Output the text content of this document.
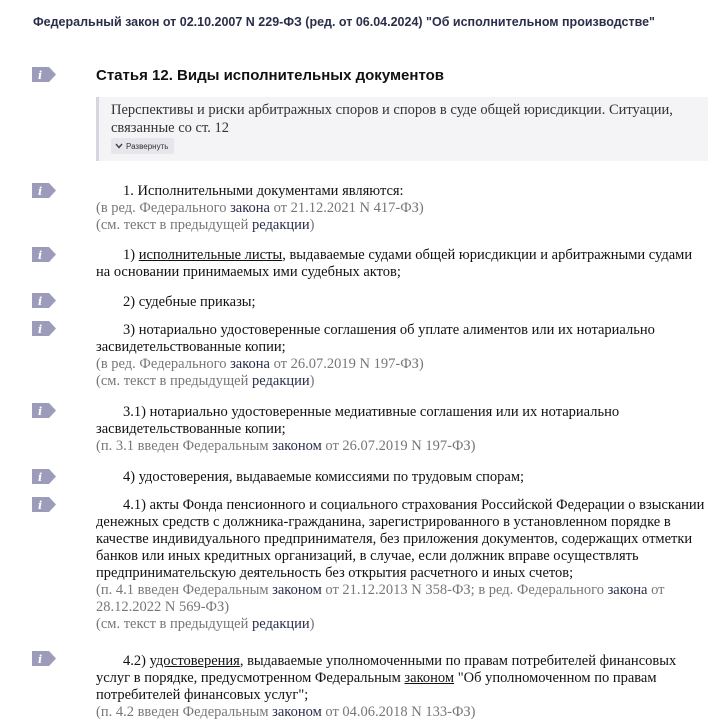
Федеральный закон от 02.10.2007 N 229-ФЗ (ред. от 06.04.2024) "Об исполнительном производстве"
i
i
i
i
i
i
i
i
i
Статья 12. Виды исполнительных документов
Перспективы и риски арбитражных споров и споров в суде общей юрисдикции. Ситуации, связанные со ст. 12
Развернуть
1. Исполнительными документами являются:
(в ред. Федерального закона от 21.12.2021 N 417-ФЗ)
(см. текст в предыдущей редакции)
1) исполнительные листы, выдаваемые судами общей юрисдикции и арбитражными судами на основании принимаемых ими судебных актов;
2) судебные приказы;
3) нотариально удостоверенные соглашения об уплате алиментов или их нотариально засвидетельствованные копии;
(в ред. Федерального закона от 26.07.2019 N 197-ФЗ)
(см. текст в предыдущей редакции)
3.1) нотариально удостоверенные медиативные соглашения или их нотариально засвидетельствованные копии;
(п. 3.1 введен Федеральным законом от 26.07.2019 N 197-ФЗ)
4) удостоверения, выдаваемые комиссиями по трудовым спорам;
4.1) акты Фонда пенсионного и социального страхования Российской Федерации о взыскании денежных средств с должника-гражданина, зарегистрированного в установленном порядке в качестве индивидуального предпринимателя, без приложения документов, содержащих отметки банков или иных кредитных организаций, в случае, если должник вправе осуществлять предпринимательскую деятельность без открытия расчетного и иных счетов;
(п. 4.1 введен Федеральным законом от 21.12.2013 N 358-ФЗ; в ред. Федерального закона от 28.12.2022 N 569-ФЗ)
(см. текст в предыдущей редакции)
4.2) удостоверения, выдаваемые уполномоченными по правам потребителей финансовых услуг в порядке, предусмотренном Федеральным законом "Об уполномоченном по правам потребителей финансовых услуг";
(п. 4.2 введен Федеральным законом от 04.06.2018 N 133-ФЗ)
